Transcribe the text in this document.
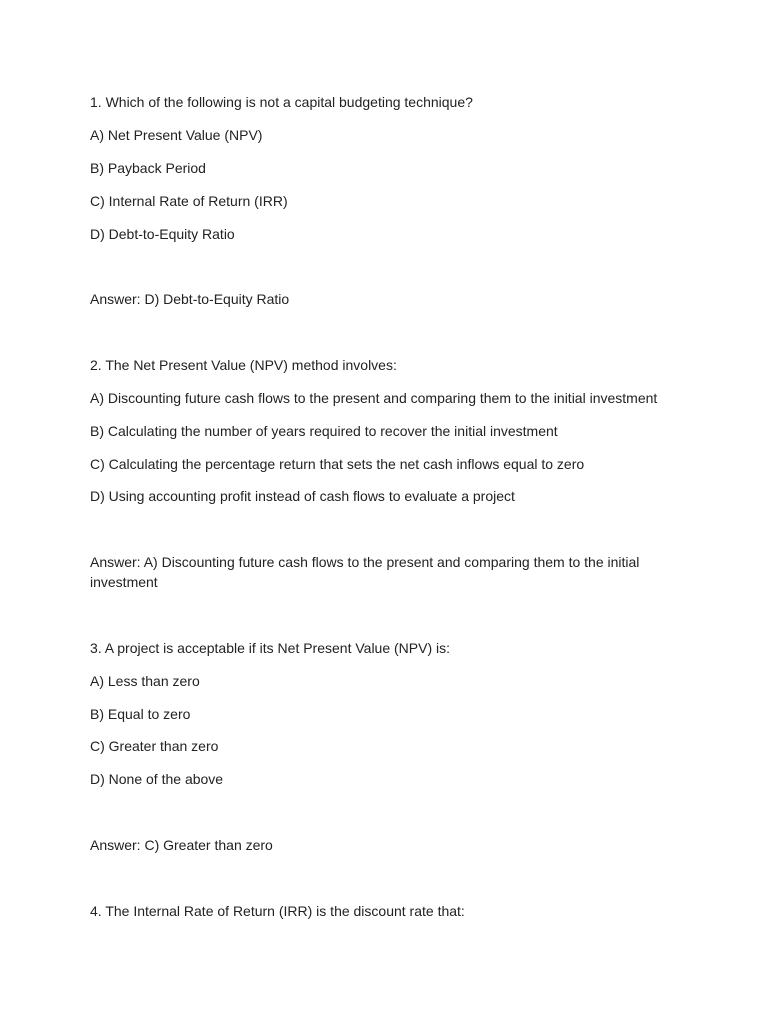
1. Which of the following is not a capital budgeting technique?

A) Net Present Value (NPV)

B) Payback Period

C) Internal Rate of Return (IRR)

D) Debt-to-Equity Ratio

Answer: D) Debt-to-Equity Ratio

2. The Net Present Value (NPV) method involves:

A) Discounting future cash flows to the present and comparing them to the initial investment

B) Calculating the number of years required to recover the initial investment

C) Calculating the percentage return that sets the net cash inflows equal to zero

D) Using accounting profit instead of cash flows to evaluate a project

Answer: A) Discounting future cash flows to the present and comparing them to the initial investment

3. A project is acceptable if its Net Present Value (NPV) is:

A) Less than zero

B) Equal to zero

C) Greater than zero

D) None of the above

Answer: C) Greater than zero

4. The Internal Rate of Return (IRR) is the discount rate that:
